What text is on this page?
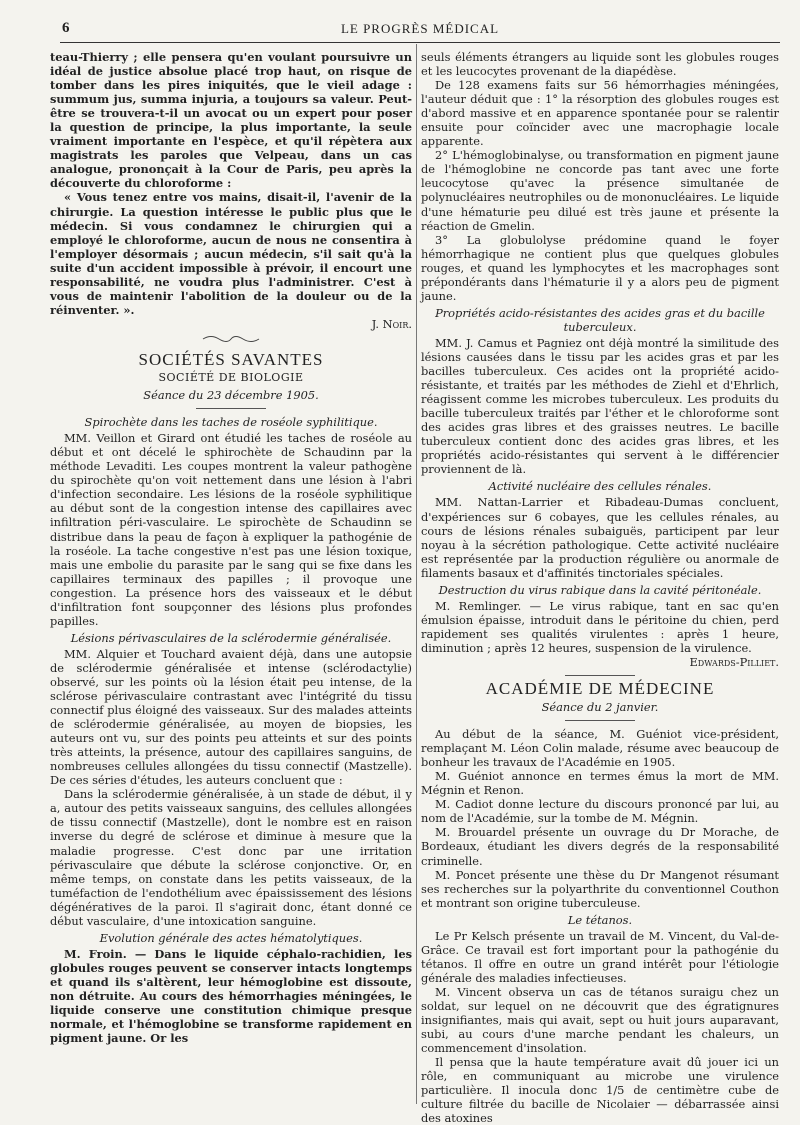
6	LE PROGRÈS MÉDICAL

teau-Thierry ; elle pensera qu'en voulant poursuivre un idéal de justice absolue placé trop haut, on risque de tomber dans les pires iniquités, que le vieil adage : summum jus, summa injuria, a toujours sa valeur. Peut-être se trouvera-t-il un avocat ou un expert pour poser la question de principe, la plus importante, la seule vraiment importante en l'espèce, et qu'il répètera aux magistrats les paroles que Velpeau, dans un cas analogue, prononçait à la Cour de Paris, peu après la découverte du chloroforme :

« Vous tenez entre vos mains, disait-il, l'avenir de la chirurgie. La question intéresse le public plus que le médecin. Si vous condamnez le chirurgien qui a employé le chloroforme, aucun de nous ne consentira à l'employer désormais ; aucun médecin, s'il sait qu'à la suite d'un accident impossible à prévoir, il encourt une responsabilité, ne voudra plus l'administrer. C'est à vous de maintenir l'abolition de la douleur ou de la réinventer. ».

J. Noir.

SOCIÉTÉS SAVANTES

SOCIÉTÉ DE BIOLOGIE

Séance du 23 décembre 1905.

Spirochète dans les taches de roséole syphilitique.

MM. Veillon et Girard ont étudié les taches de roséole au début et ont décelé le sphirochète de Schaudinn par la méthode Levaditi. Les coupes montrent la valeur pathogène du spirochète qu'on voit nettement dans une lésion à l'abri d'infection secondaire. Les lésions de la roséole syphilitique au début sont de la congestion intense des capillaires avec infiltration péri-vasculaire. Le spirochète de Schaudinn se distribue dans la peau de façon à expliquer la pathogénie de la roséole. La tache congestive n'est pas une lésion toxique, mais une embolie du parasite par le sang qui se fixe dans les capillaires terminaux des papilles ; il provoque une congestion. La présence hors des vaisseaux et le début d'infiltration font soupçonner des lésions plus profondes papilles.

Lésions périvasculaires de la sclérodermie généralisée.

MM. Alquier et Touchard avaient déjà, dans une autopsie de sclérodermie généralisée et intense (sclérodactylie) observé, sur les points où la lésion était peu intense, de la sclérose périvasculaire contrastant avec l'intégrité du tissu connectif plus éloigné des vaisseaux. Sur des malades atteints de sclérodermie généralisée, au moyen de biopsies, les auteurs ont vu, sur des points peu atteints et sur des points très atteints, la présence, autour des capillaires sanguins, de nombreuses cellules allongées du tissu connectif (Mastzelle). De ces séries d'études, les auteurs concluent que :

Dans la sclérodermie généralisée, à un stade de début, il y a, autour des petits vaisseaux sanguins, des cellules allongées de tissu connectif (Mastzelle), dont le nombre est en raison inverse du degré de sclérose et diminue à mesure que la maladie progresse. C'est donc par une irritation périvasculaire que débute la sclérose conjonctive. Or, en même temps, on constate dans les petits vaisseaux, de la tuméfaction de l'endothélium avec épaississement des lésions dégénératives de la paroi. Il s'agirait donc, étant donné ce début vasculaire, d'une intoxication sanguine.

Evolution générale des actes hématolytiques.

M. Froin. — Dans le liquide céphalo-rachidien, les globules rouges peuvent se conserver intacts longtemps et quand ils s'altèrent, leur hémoglobine est dissoute, non détruite. Au cours des hémorrhagies méningées, le liquide conserve une constitution chimique presque normale, et l'hémoglobine se transforme rapidement en pigment jaune. Or les

seuls éléments étrangers au liquide sont les globules rouges et les leucocytes provenant de la diapédèse.

De 128 examens faits sur 56 hémorrhagies méningées, l'auteur déduit que : 1° la résorption des globules rouges est d'abord massive et en apparence spontanée pour se ralentir ensuite pour coïncider avec une macrophagie locale apparente.

2° L'hémoglobinalyse, ou transformation en pigment jaune de l'hémoglobine ne concorde pas tant avec une forte leucocytose qu'avec la présence simultanée de polynucléaires neutrophiles ou de mononucléaires. Le liquide d'une hématurie peu dilué est très jaune et présente la réaction de Gmelin.

3° La globulolyse prédomine quand le foyer hémorrhagique ne contient plus que quelques globules rouges, et quand les lymphocytes et les macrophages sont prépondérants dans l'hématurie il y a alors peu de pigment jaune.

Propriétés acido-résistantes des acides gras et du bacille tuberculeux.

MM. J. Camus et Pagniez ont déjà montré la similitude des lésions causées dans le tissu par les acides gras et par les bacilles tuberculeux. Ces acides ont la propriété acido-résistante, et traités par les méthodes de Ziehl et d'Ehrlich, réagissent comme les microbes tuberculeux. Les produits du bacille tuberculeux traités par l'éther et le chloroforme sont des acides gras libres et des graisses neutres. Le bacille tuberculeux contient donc des acides gras libres, et les propriétés acido-résistantes qui servent à le différencier proviennent de là.

Activité nucléaire des cellules rénales.

MM. Nattan-Larrier et Ribadeau-Dumas concluent, d'expériences sur 6 cobayes, que les cellules rénales, au cours de lésions rénales subaiguës, participent par leur noyau à la sécrétion pathologique. Cette activité nucléaire est représentée par la production régulière ou anormale de filaments basaux et d'affinités tinctoriales spéciales.

Destruction du virus rabique dans la cavité péritonéale.

M. Remlinger. — Le virus rabique, tant en sac qu'en émulsion épaisse, introduit dans le péritoine du chien, perd rapidement ses qualités virulentes : après 1 heure, diminution ; après 12 heures, suspension de la virulence.

Edwards-Pilliet.

ACADÉMIE DE MÉDECINE

Séance du 2 janvier.

Au début de la séance, M. Guéniot vice-président, remplaçant M. Léon Colin malade, résume avec beaucoup de bonheur les travaux de l'Académie en 1905.

M. Guéniot annonce en termes émus la mort de MM. Mégnin et Renon.

M. Cadiot donne lecture du discours prononcé par lui, au nom de l'Académie, sur la tombe de M. Mégnin.

M. Brouardel présente un ouvrage du Dr Morache, de Bordeaux, étudiant les divers degrés de la responsabilité criminelle.

M. Poncet présente une thèse du Dr Mangenot résumant ses recherches sur la polyarthrite du conventionnel Couthon et montrant son origine tuberculeuse.

Le tétanos.

Le Pr Kelsch présente un travail de M. Vincent, du Val-de-Grâce. Ce travail est fort important pour la pathogénie du tétanos. Il offre en outre un grand intérêt pour l'étiologie générale des maladies infectieuses.

M. Vincent observa un cas de tétanos suraigu chez un soldat, sur lequel on ne découvrit que des égratignures insignifiantes, mais qui avait, sept ou huit jours auparavant, subi, au cours d'une marche pendant les chaleurs, un commencement d'insolation.

Il pensa que la haute température avait dû jouer ici un rôle, en communiquant au microbe une virulence particulière. Il inocula donc 1/5 de centimètre cube de culture filtrée du bacille de Nicolaier — débarrassée ainsi des atoxines
